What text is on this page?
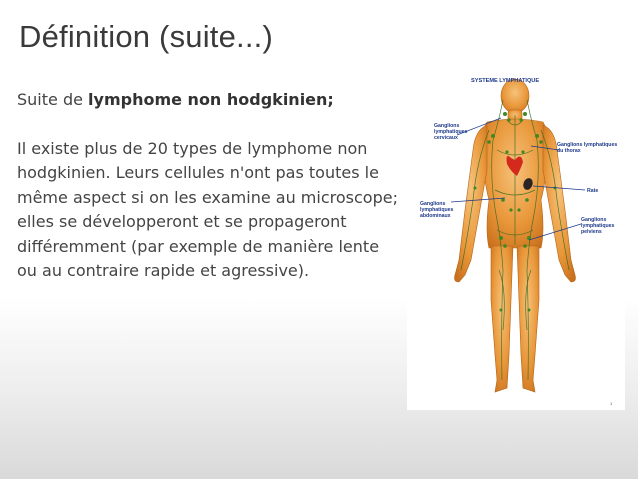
Définition (suite...)

Suite de lymphome non hodgkinien;

Il existe plus de 20 types de lymphome non hodgkinien. Leurs cellules n'ont pas toutes le même aspect si on les examine au microscope; elles se développeront et se propageront différemment (par exemple de manière lente ou au contraire rapide et agressive).

SYSTEME LYMPHATIQUE
Ganglions lymphatiques
cervicaux
Ganglions lymphatiques
du thorax
Rate
Ganglions
lymphatiques
abdominaux
Ganglions
lymphatiques
pelviens
1
